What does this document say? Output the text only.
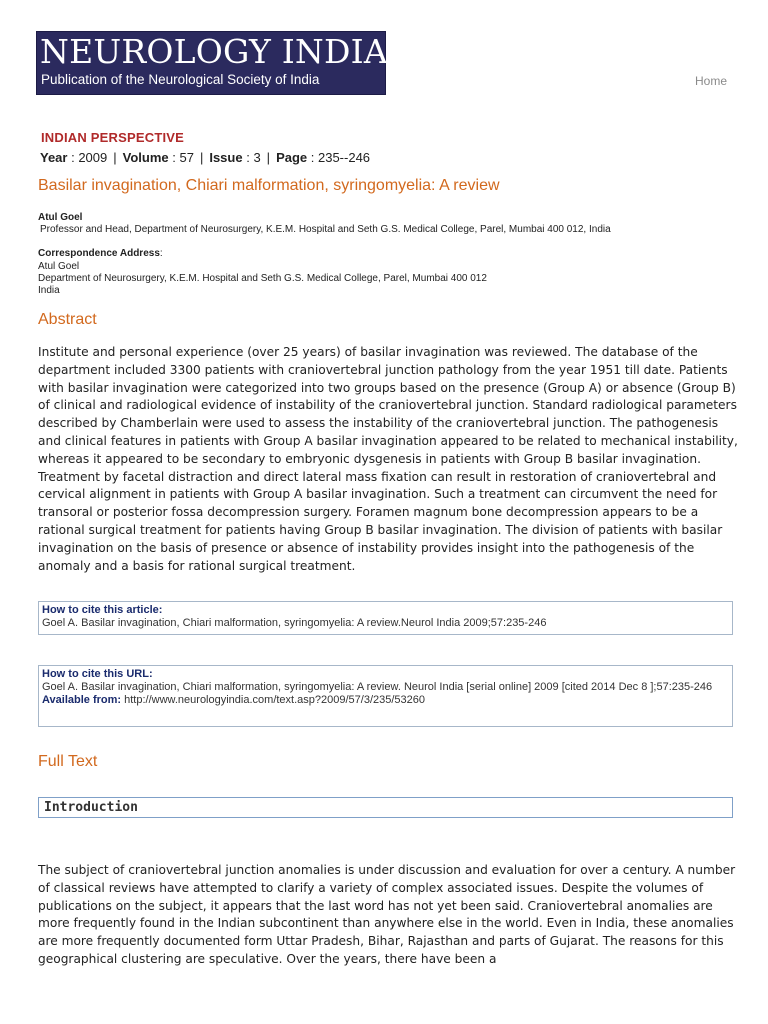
NEUROLOGY INDIA
Publication of the Neurological Society of India	Home
INDIAN PERSPECTIVE
Year : 2009 | Volume : 57 | Issue : 3 | Page : 235--246
Basilar invagination, Chiari malformation, syringomyelia: A review
Atul Goel
Professor and Head, Department of Neurosurgery, K.E.M. Hospital and Seth G.S. Medical College, Parel, Mumbai 400 012, India
Correspondence Address:
Atul Goel
Department of Neurosurgery, K.E.M. Hospital and Seth G.S. Medical College, Parel, Mumbai 400 012
India
Abstract
Institute and personal experience (over 25 years) of basilar invagination was reviewed. The database of the department included 3300 patients with craniovertebral junction pathology from the year 1951 till date. Patients with basilar invagination were categorized into two groups based on the presence (Group A) or absence (Group B) of clinical and radiological evidence of instability of the craniovertebral junction. Standard radiological parameters described by Chamberlain were used to assess the instability of the craniovertebral junction. The pathogenesis and clinical features in patients with Group A basilar invagination appeared to be related to mechanical instability, whereas it appeared to be secondary to embryonic dysgenesis in patients with Group B basilar invagination. Treatment by facetal distraction and direct lateral mass fixation can result in restoration of craniovertebral and cervical alignment in patients with Group A basilar invagination. Such a treatment can circumvent the need for transoral or posterior fossa decompression surgery. Foramen magnum bone decompression appears to be a rational surgical treatment for patients having Group B basilar invagination. The division of patients with basilar invagination on the basis of presence or absence of instability provides insight into the pathogenesis of the anomaly and a basis for rational surgical treatment.
How to cite this article:
Goel A. Basilar invagination, Chiari malformation, syringomyelia: A review.Neurol India 2009;57:235-246
How to cite this URL:
Goel A. Basilar invagination, Chiari malformation, syringomyelia: A review. Neurol India [serial online] 2009 [cited 2014 Dec 8 ];57:235-246
Available from: http://www.neurologyindia.com/text.asp?2009/57/3/235/53260
Full Text
Introduction
The subject of craniovertebral junction anomalies is under discussion and evaluation for over a century. A number of classical reviews have attempted to clarify a variety of complex associated issues. Despite the volumes of publications on the subject, it appears that the last word has not yet been said. Craniovertebral anomalies are more frequently found in the Indian subcontinent than anywhere else in the world. Even in India, these anomalies are more frequently documented form Uttar Pradesh, Bihar, Rajasthan and parts of Gujarat. The reasons for this geographical clustering are speculative. Over the years, there have been a
